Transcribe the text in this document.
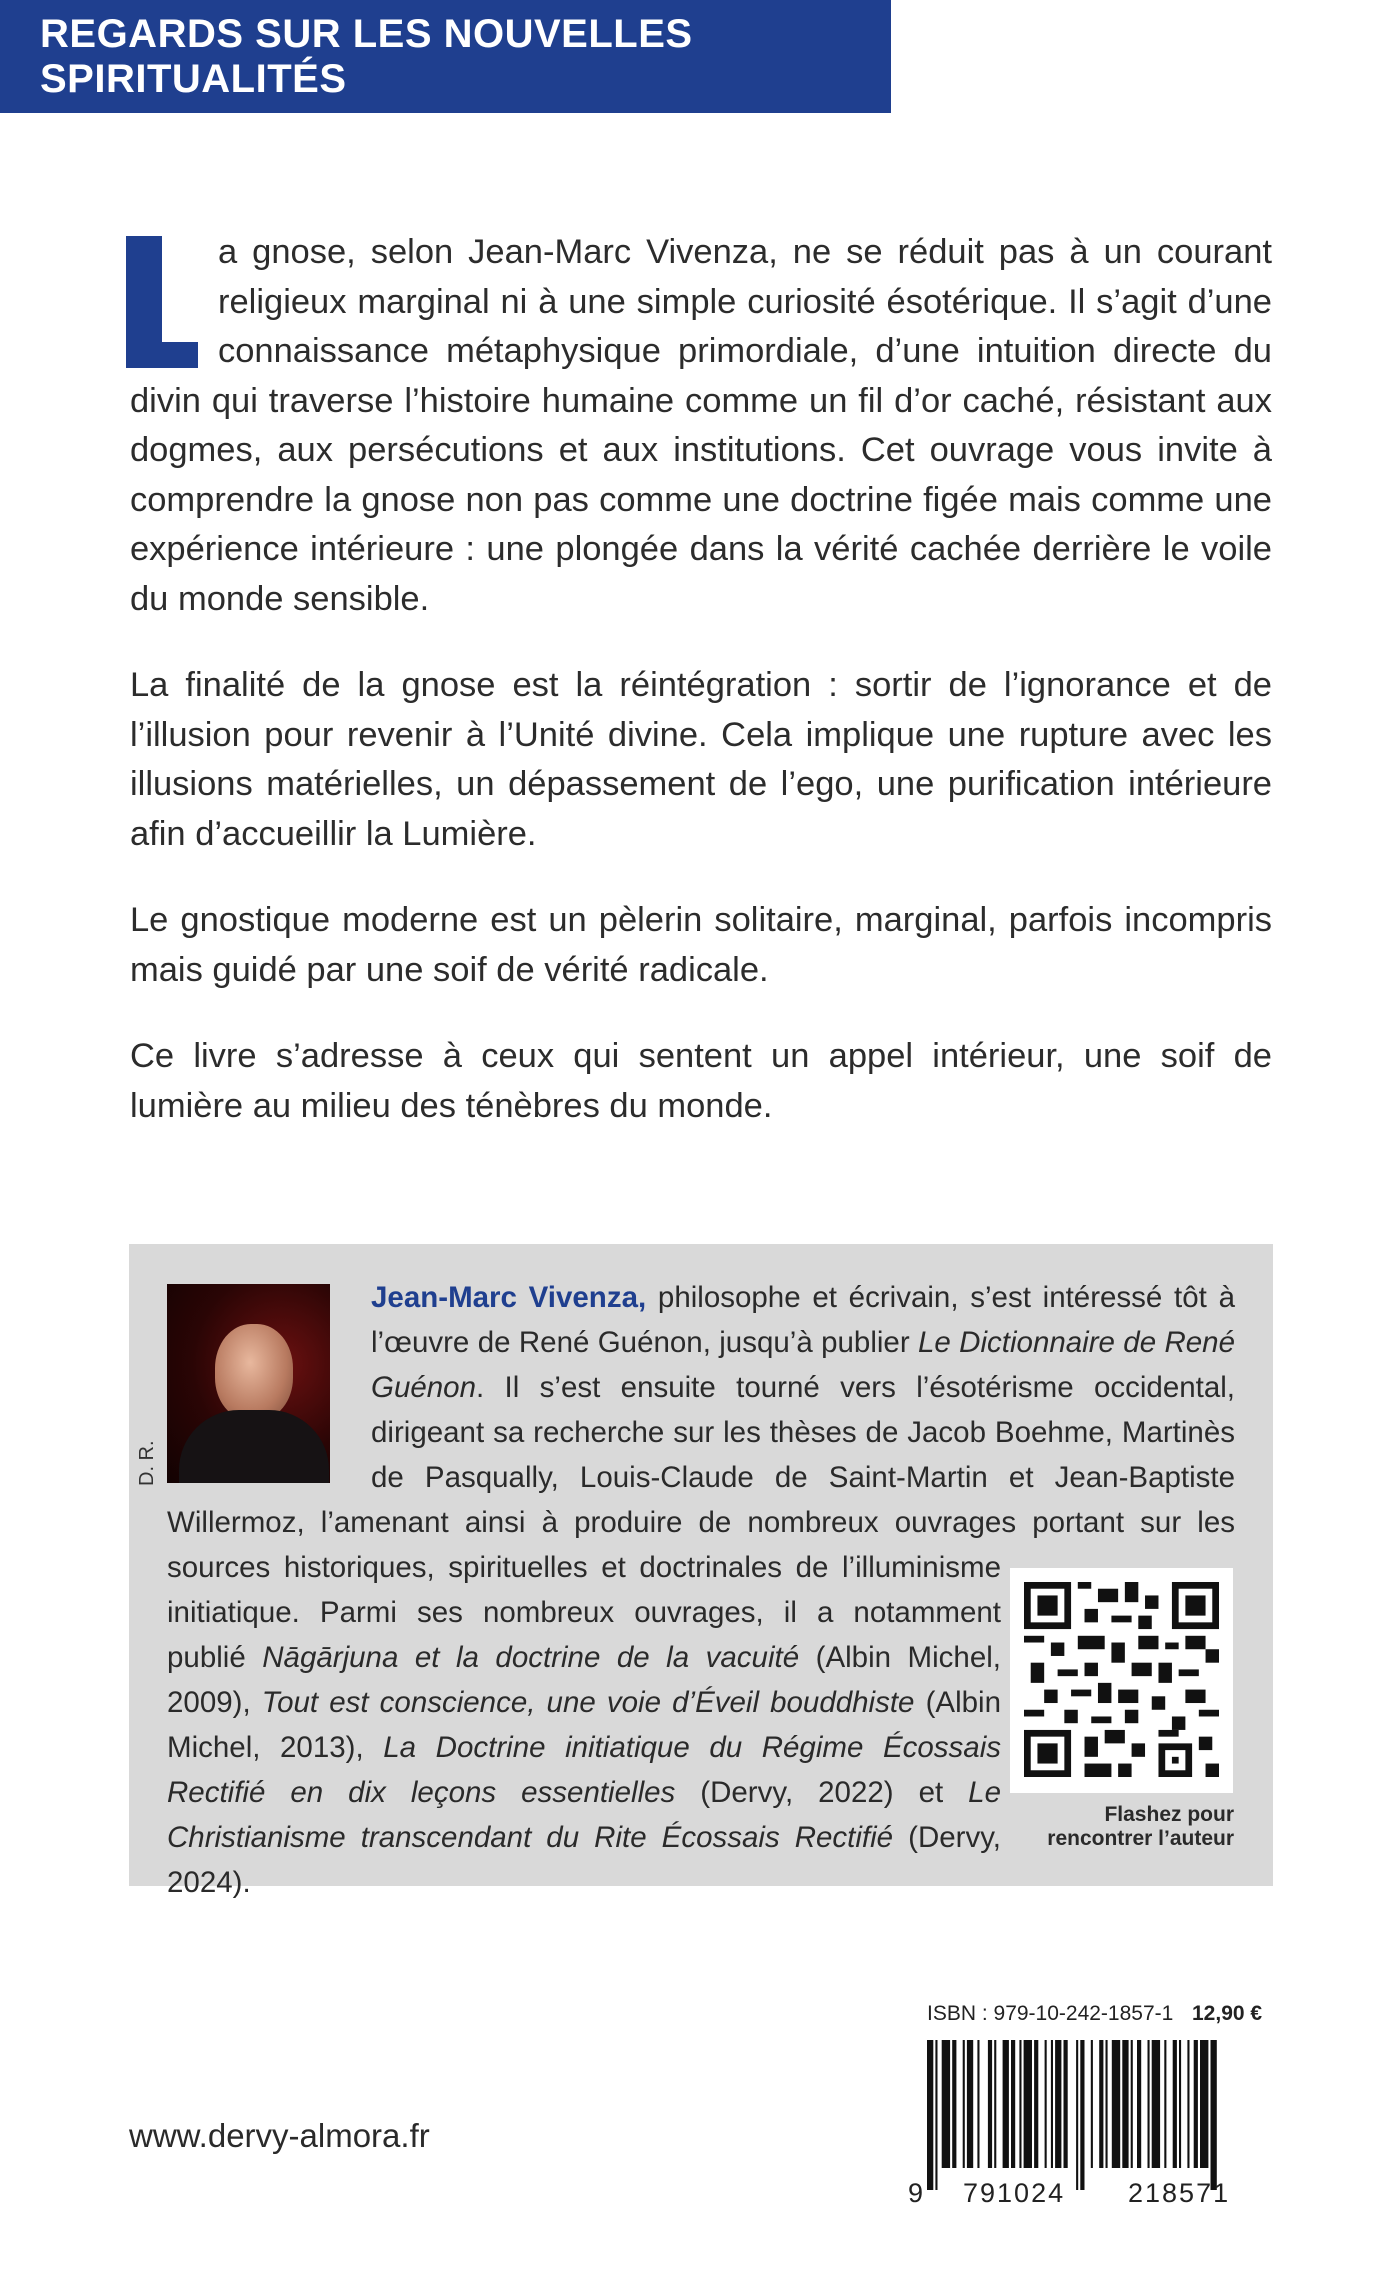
REGARDS SUR LES NOUVELLES SPIRITUALITÉS

a gnose, selon Jean-Marc Vivenza, ne se réduit pas à un courant religieux marginal ni à une simple curiosité ésotérique. Il s’agit d’une connaissance métaphysique primordiale, d’une intuition directe du divin qui traverse l’histoire humaine comme un fil d’or caché, résistant aux dogmes, aux persécutions et aux institutions. Cet ouvrage vous invite à comprendre la gnose non pas comme une doctrine figée mais comme une expérience intérieure : une plongée dans la vérité cachée derrière le voile du monde sensible.

La finalité de la gnose est la réintégration : sortir de l’ignorance et de l’illusion pour revenir à l’Unité divine. Cela implique une rupture avec les illusions matérielles, un dépassement de l’ego, une purification intérieure afin d’accueillir la Lumière.

Le gnostique moderne est un pèlerin solitaire, marginal, parfois incompris mais guidé par une soif de vérité radicale.

Ce livre s’adresse à ceux qui sentent un appel intérieur, une soif de lumière au milieu des ténèbres du monde.

D. R.
Jean-Marc Vivenza, philosophe et écrivain, s’est intéressé tôt à l’œuvre de René Guénon, jusqu’à publier Le Dictionnaire de René Guénon. Il s’est ensuite tourné vers l’ésotérisme occidental, dirigeant sa recherche sur les thèses de Jacob Boehme, Martinès de Pasqually, Louis-Claude de Saint-Martin et Jean-Baptiste Willermoz, l’amenant ainsi à produire de nombreux ouvrages portant sur les sources historiques, spirituelles et doctrinales de l’illuminisme initiatique. Parmi ses nombreux ouvrages, il a notamment publié Nāgārjuna et la doctrine de la vacuité (Albin Michel, 2009), Tout est conscience, une voie d’Éveil bouddhiste (Albin Michel, 2013), La Doctrine initiatique du Régime Écossais Rectifié en dix leçons essentielles (Dervy, 2022) et Le Christianisme transcendant du Rite Écossais Rectifié (Dervy, 2024).
Flashez pour
rencontrer l’auteur
ISBN : 979-10-242-1857-1 12,90 €
9 791024 218571
www.dervy-almora.fr
